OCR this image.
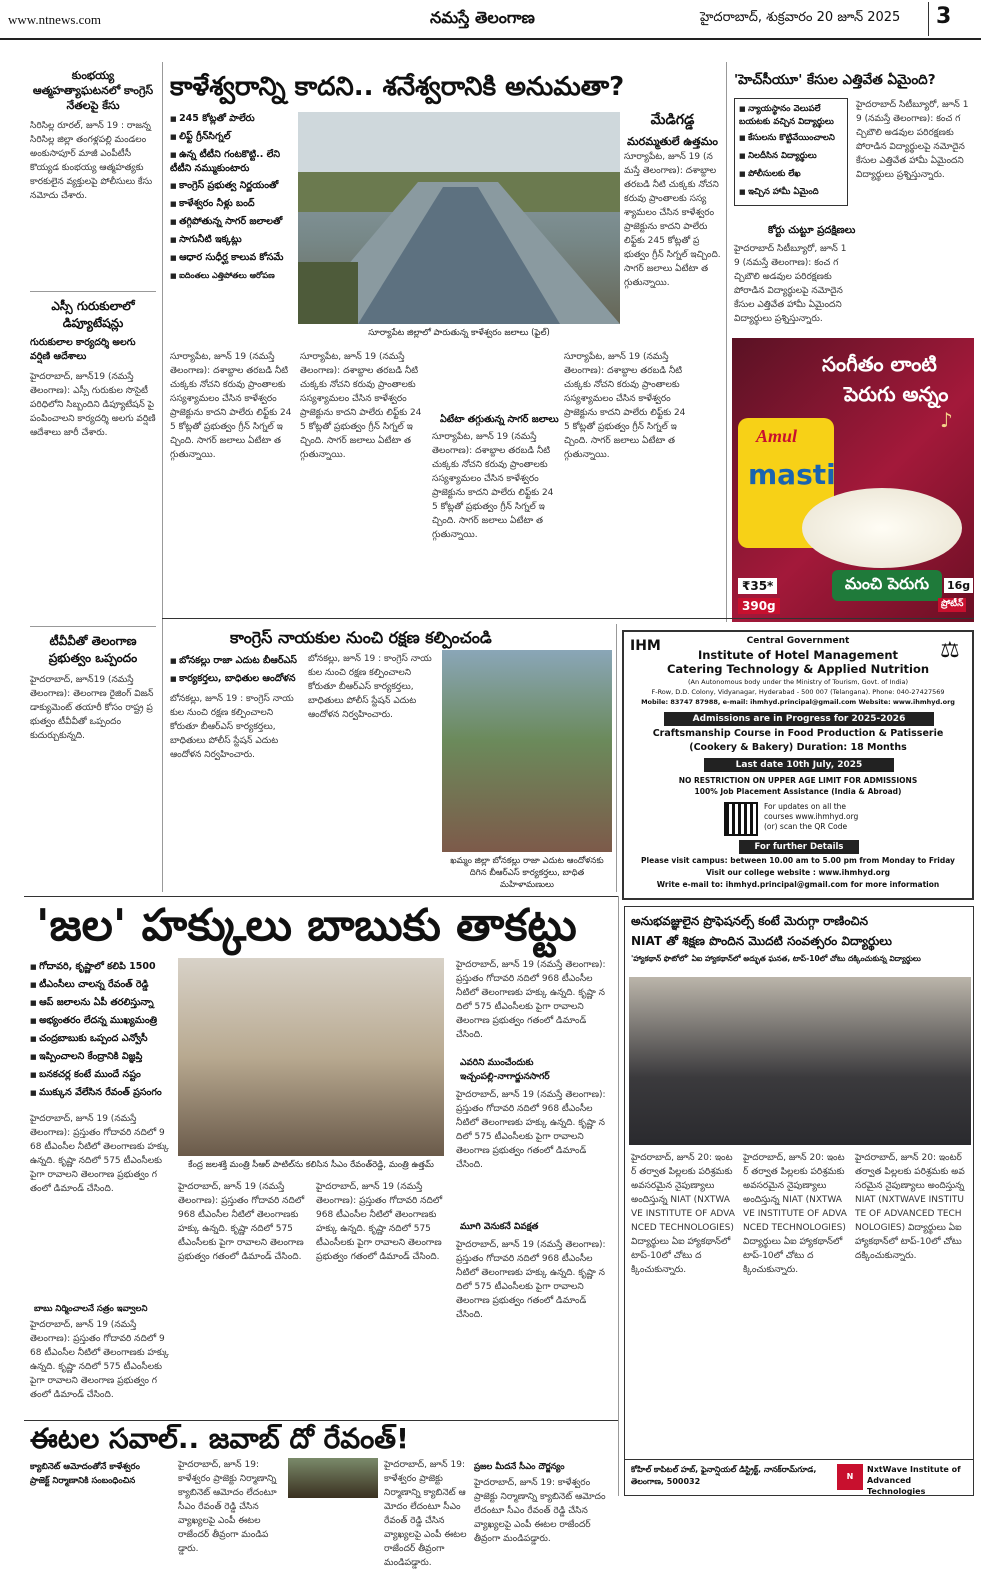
www.ntnews.com	నమస్తే తెలంగాణ	హైదరాబాద్, శుక్రవారం 20 జూన్ 2025 3
కుంభయ్య ఆత్మహత్యాఘటనలో కాంగ్రెస్ నేతలపై కేసు
సిరిసిల్ల రూరల్, జూన్ 19 : రాజన్న సిరిసిల్ల జిల్లా తంగళ్లపల్లి మండలం అంకుసాపూర్ మాజీ ఎంపీటీసీ కొయ్యడ కుంభయ్య ఆత్మహత్యకు కారకులైన వ్యక్తులపై పోలీసులు కేసు నమోదు చేశారు.
ఎస్సీ గురుకులాలో డిప్యూటేషన్లు
గురుకులాల కార్యదర్శి అలగు వర్షిణి ఆదేశాలు
హైదరాబాద్, జూన్19 (నమస్తే తెలంగాణ): ఎస్సీ గురుకుల సొసైటీ పరిధిలోని సిబ్బందిని డిప్యూటేషన్ పై పంపించాలని కార్యదర్శి అలగు వర్షిణి ఆదేశాలు జారీ చేశారు.
టీవీవీతో తెలంగాణ ప్రభుత్వం ఒప్పందం
హైదరాబాద్, జూన్19 (నమస్తే తెలంగాణ): తెలంగాణ రైజింగ్ విజన్ డాక్యుమెంట్ తయారీ కోసం రాష్ట్ర ప్రభుత్వం టీవీవీతో ఒప్పందం కుదుర్చుకున్నది.
కాళేశ్వరాన్ని కాదని.. శనేశ్వరానికి అనుమతా?
■ 245 కోట్లతో పాలేరు
■ లిఫ్ట్ గ్రీన్‌సిగ్నల్
■ ఉన్న టీటీని గంటకొట్టి.. లేని టీటీని నమ్ముకుంటారు
■ కాంగ్రెస్ ప్రభుత్వ నిర్ణయంతో
■ కాళేశ్వరం నీళ్లు బంద్
■ తగ్గిపోతున్న సాగర్ జలాలతో
■ సాగునీటి ఇక్కట్లు
■ ఆధార సుధీర్ఘ కాలువ కోసమే
■ ఐదింతలు ఎత్తిపోతలు ఆరోపణ
సూర్యాపేట జిల్లాలో పారుతున్న కాళేశ్వరం జలాలు (ఫైల్)
మేడిగడ్డ
మరమ్మతులే ఉత్తమం
సూర్యాపేట, జూన్ 19 (నమస్తే తెలంగాణ): దశాబ్దాల తరబడి నీటి చుక్కకు నోచని కరువు ప్రాంతాలకు సస్యశ్యామలం చేసిన కాళేశ్వరం ప్రాజెక్టును కాదని పాలేరు లిఫ్ట్‌కు 245 కోట్లతో ప్రభుత్వం గ్రీన్ సిగ్నల్ ఇచ్చింది. సాగర్ జలాలు ఏటేటా తగ్గుతున్నాయి.
సూర్యాపేట, జూన్ 19 (నమస్తే తెలంగాణ): దశాబ్దాల తరబడి నీటి చుక్కకు నోచని కరువు ప్రాంతాలకు సస్యశ్యామలం చేసిన కాళేశ్వరం ప్రాజెక్టును కాదని పాలేరు లిఫ్ట్‌కు 245 కోట్లతో ప్రభుత్వం గ్రీన్ సిగ్నల్ ఇచ్చింది. సాగర్ జలాలు ఏటేటా తగ్గుతున్నాయి.
ఏటేటా తగ్గుతున్న సాగర్ జలాలు
సూర్యాపేట, జూన్ 19 (నమస్తే తెలంగాణ): దశాబ్దాల తరబడి నీటి చుక్కకు నోచని కరువు ప్రాంతాలకు సస్యశ్యామలం చేసిన కాళేశ్వరం ప్రాజెక్టును కాదని పాలేరు లిఫ్ట్‌కు 245 కోట్లతో ప్రభుత్వం గ్రీన్ సిగ్నల్ ఇచ్చింది. సాగర్ జలాలు ఏటేటా తగ్గుతున్నాయి.
సూర్యాపేట, జూన్ 19 (నమస్తే తెలంగాణ): దశాబ్దాల తరబడి నీటి చుక్కకు నోచని కరువు ప్రాంతాలకు సస్యశ్యామలం చేసిన కాళేశ్వరం ప్రాజెక్టును కాదని పాలేరు లిఫ్ట్‌కు 245 కోట్లతో ప్రభుత్వం గ్రీన్ సిగ్నల్ ఇచ్చింది. సాగర్ జలాలు ఏటేటా తగ్గుతున్నాయి.
సూర్యాపేట, జూన్ 19 (నమస్తే తెలంగాణ): దశాబ్దాల తరబడి నీటి చుక్కకు నోచని కరువు ప్రాంతాలకు సస్యశ్యామలం చేసిన కాళేశ్వరం ప్రాజెక్టును కాదని పాలేరు లిఫ్ట్‌కు 245 కోట్లతో ప్రభుత్వం గ్రీన్ సిగ్నల్ ఇచ్చింది. సాగర్ జలాలు ఏటేటా తగ్గుతున్నాయి.
'హెచ్‌సీయూ' కేసుల ఎత్తివేత ఏమైంది?
■ న్యాయస్థానం వెలుపలే బయటకు వచ్చిన విద్యార్థులు
■ కేసులను కొట్టివేయించాలని
■ నిలదీసిన విద్యార్థులు
■ పోలీసులకు లేఖ
■ ఇచ్చిన హామీ ఏమైంది
కోర్టు చుట్టూ ప్రదక్షిణలు
హైదరాబాద్ సిటీబ్యూరో, జూన్ 19 (నమస్తే తెలంగాణ): కంచ గచ్చిబౌలి అడవుల పరిరక్షణకు పోరాడిన విద్యార్థులపై నమోదైన కేసుల ఎత్తివేత హామీ ఏమైందని విద్యార్థులు ప్రశ్నిస్తున్నారు.
హైదరాబాద్ సిటీబ్యూరో, జూన్ 19 (నమస్తే తెలంగాణ): కంచ గచ్చిబౌలి అడవుల పరిరక్షణకు పోరాడిన విద్యార్థులపై నమోదైన కేసుల ఎత్తివేత హామీ ఏమైందని విద్యార్థులు ప్రశ్నిస్తున్నారు.
సంగీతం లాంటి
పెరుగు అన్నం
♪
Amul
masti
మంచి పెరుగు
₹35*
390g
16g
ప్రోటీన్
కాంగ్రెస్ నాయకుల నుంచి రక్షణ కల్పించండి
■ బోనకల్లు రాజా ఎదుట బీఆర్‌ఎస్
■ కార్యకర్తలు, బాధితుల ఆందోళన
బోనకల్లు, జూన్ 19 : కాంగ్రెస్ నాయకుల నుంచి రక్షణ కల్పించాలని కోరుతూ బీఆర్‌ఎస్ కార్యకర్తలు, బాధితులు పోలీస్ స్టేషన్ ఎదుట ఆందోళన నిర్వహించారు.
బోనకల్లు, జూన్ 19 : కాంగ్రెస్ నాయకుల నుంచి రక్షణ కల్పించాలని కోరుతూ బీఆర్‌ఎస్ కార్యకర్తలు, బాధితులు పోలీస్ స్టేషన్ ఎదుట ఆందోళన నిర్వహించారు.
ఖమ్మం జిల్లా బోనకల్లు రాజా ఎదుట ఆందోళనకు దిగిన బీఆర్‌ఎస్ కార్యకర్తలు, బాధిత మహిళామణులు
IHM	⚖
Central Government
Institute of Hotel Management
Catering Technology & Applied Nutrition
(An Autonomous body under the Ministry of Tourism, Govt. of India)
F-Row, D.D. Colony, Vidyanagar, Hyderabad - 500 007 (Telangana). Phone: 040-27427569
Mobile: 83747 87988, e-mail: ihmhyd.principal@gmail.com Website: www.ihmhyd.org
Admissions are in Progress for 2025-2026
Craftsmanship Course in Food Production & Patisserie
(Cookery & Bakery) Duration: 18 Months
Last date 10th July, 2025
NO RESTRICTION ON UPPER AGE LIMIT FOR ADMISSIONS
100% Job Placement Assistance (India & Abroad)
For updates on all the courses www.ihmhyd.org (or) scan the QR Code
For further Details
Please visit campus: between 10.00 am to 5.00 pm from Monday to Friday
Visit our college website : www.ihmhyd.org
Write e-mail to: ihmhyd.principal@gmail.com for more information
'జల' హక్కులు బాబుకు తాకట్టు
■ గోదావరి, కృష్ణాలో కలిపి 1500
■ టీఎంసీలు చాలన్న రేవంత్ రెడ్డి
■ ఆప్ జలాలను ఏపీ తరలిస్తున్నా
■ అభ్యంతరం లేదన్న ముఖ్యమంత్రి
■ చంద్రబాబుకు ఒప్పంద ఎన్వోసీ
■ ఇప్పించాలని కేంద్రానికి విజ్ఞప్తి
■ బనకచర్ల కంటే ముందే నష్టం
■ ముక్కున వేలేసిన రేవంత్ ప్రసంగం
కేంద్ర జలశక్తి మంత్రి సీఆర్ పాటిల్‌ను కలిసిన సీఎం రేవంత్‌రెడ్డి, మంత్రి ఉత్తమ్
హైదరాబాద్, జూన్ 19 (నమస్తే తెలంగాణ): ప్రస్తుతం గోదావరి నదిలో 968 టీఎంసీల నీటిలో తెలంగాణకు హక్కు ఉన్నది. కృష్ణా నదిలో 575 టీఎంసీలకు పైగా రావాలని తెలంగాణ ప్రభుత్వం గతంలో డిమాండ్ చేసింది.
బాబు నిర్మించాలనే సత్రం ఇవ్వాలని
హైదరాబాద్, జూన్ 19 (నమస్తే తెలంగాణ): ప్రస్తుతం గోదావరి నదిలో 968 టీఎంసీల నీటిలో తెలంగాణకు హక్కు ఉన్నది. కృష్ణా నదిలో 575 టీఎంసీలకు పైగా రావాలని తెలంగాణ ప్రభుత్వం గతంలో డిమాండ్ చేసింది.
హైదరాబాద్, జూన్ 19 (నమస్తే తెలంగాణ): ప్రస్తుతం గోదావరి నదిలో 968 టీఎంసీల నీటిలో తెలంగాణకు హక్కు ఉన్నది. కృష్ణా నదిలో 575 టీఎంసీలకు పైగా రావాలని తెలంగాణ ప్రభుత్వం గతంలో డిమాండ్ చేసింది.
హైదరాబాద్, జూన్ 19 (నమస్తే తెలంగాణ): ప్రస్తుతం గోదావరి నదిలో 968 టీఎంసీల నీటిలో తెలంగాణకు హక్కు ఉన్నది. కృష్ణా నదిలో 575 టీఎంసీలకు పైగా రావాలని తెలంగాణ ప్రభుత్వం గతంలో డిమాండ్ చేసింది.
హైదరాబాద్, జూన్ 19 (నమస్తే తెలంగాణ): ప్రస్తుతం గోదావరి నదిలో 968 టీఎంసీల నీటిలో తెలంగాణకు హక్కు ఉన్నది. కృష్ణా నదిలో 575 టీఎంసీలకు పైగా రావాలని తెలంగాణ ప్రభుత్వం గతంలో డిమాండ్ చేసింది.
ఎవరిని ముంచేందుకు
ఇచ్చంపల్లి-నాగార్జునసాగర్
హైదరాబాద్, జూన్ 19 (నమస్తే తెలంగాణ): ప్రస్తుతం గోదావరి నదిలో 968 టీఎంసీల నీటిలో తెలంగాణకు హక్కు ఉన్నది. కృష్ణా నదిలో 575 టీఎంసీలకు పైగా రావాలని తెలంగాణ ప్రభుత్వం గతంలో డిమాండ్ చేసింది.
మూగి వెనుకనే వివక్షత
హైదరాబాద్, జూన్ 19 (నమస్తే తెలంగాణ): ప్రస్తుతం గోదావరి నదిలో 968 టీఎంసీల నీటిలో తెలంగాణకు హక్కు ఉన్నది. కృష్ణా నదిలో 575 టీఎంసీలకు పైగా రావాలని తెలంగాణ ప్రభుత్వం గతంలో డిమాండ్ చేసింది.
ఈటల సవాల్.. జవాబ్ దో రేవంత్!
క్యాబినెట్ ఆమోదంతోనే కాళేశ్వరం
ప్రాజెక్ట్ నిర్మాణానికి సంబంధించిన
హైదరాబాద్, జూన్ 19: కాళేశ్వరం ప్రాజెక్టు నిర్మాణాన్ని క్యాబినెట్ ఆమోదం లేదంటూ సీఎం రేవంత్ రెడ్డి చేసిన వ్యాఖ్యలపై ఎంపీ ఈటల రాజేందర్ తీవ్రంగా మండిపడ్డారు.
హైదరాబాద్, జూన్ 19: కాళేశ్వరం ప్రాజెక్టు నిర్మాణాన్ని క్యాబినెట్ ఆమోదం లేదంటూ సీఎం రేవంత్ రెడ్డి చేసిన వ్యాఖ్యలపై ఎంపీ ఈటల రాజేందర్ తీవ్రంగా మండిపడ్డారు.
ప్రజల మీదనే సీఎం దౌర్జన్యం
హైదరాబాద్, జూన్ 19: కాళేశ్వరం ప్రాజెక్టు నిర్మాణాన్ని క్యాబినెట్ ఆమోదం లేదంటూ సీఎం రేవంత్ రెడ్డి చేసిన వ్యాఖ్యలపై ఎంపీ ఈటల రాజేందర్ తీవ్రంగా మండిపడ్డారు.
అనుభవజ్ఞులైన ప్రొఫెషనల్స్ కంటే మెరుగ్గా రాణించిన
NIAT తో శిక్షణ పొందిన మొదటి సంవత్సరం విద్యార్థులు
'హ్యాకథాన్ ఫొటోలో' ఏఐ హ్యాకథాన్‌లో అద్భుత ఘనత, టాప్-10లో చోటు దక్కించుకున్న విద్యార్థులు
హైదరాబాద్, జూన్ 20: ఇంటర్ తర్వాత పిల్లలకు పరిశ్రమకు అవసరమైన నైపుణ్యాలు అందిస్తున్న NIAT (NXTWAVE INSTITUTE OF ADVANCED TECHNOLOGIES) విద్యార్థులు ఏఐ హ్యాకథాన్‌లో టాప్-10లో చోటు దక్కించుకున్నారు.
హైదరాబాద్, జూన్ 20: ఇంటర్ తర్వాత పిల్లలకు పరిశ్రమకు అవసరమైన నైపుణ్యాలు అందిస్తున్న NIAT (NXTWAVE INSTITUTE OF ADVANCED TECHNOLOGIES) విద్యార్థులు ఏఐ హ్యాకథాన్‌లో టాప్-10లో చోటు దక్కించుకున్నారు.
హైదరాబాద్, జూన్ 20: ఇంటర్ తర్వాత పిల్లలకు పరిశ్రమకు అవసరమైన నైపుణ్యాలు అందిస్తున్న NIAT (NXTWAVE INSTITUTE OF ADVANCED TECHNOLOGIES) విద్యార్థులు ఏఐ హ్యాకథాన్‌లో టాప్-10లో చోటు దక్కించుకున్నారు.
కోహిల్ కాపిటల్ హబ్, ఫైనాన్షియల్ డిస్ట్రిక్ట్, నానక్‌రామ్‌గూడ, తెలంగాణ, 500032
N
NxtWave Institute of Advanced Technologies
